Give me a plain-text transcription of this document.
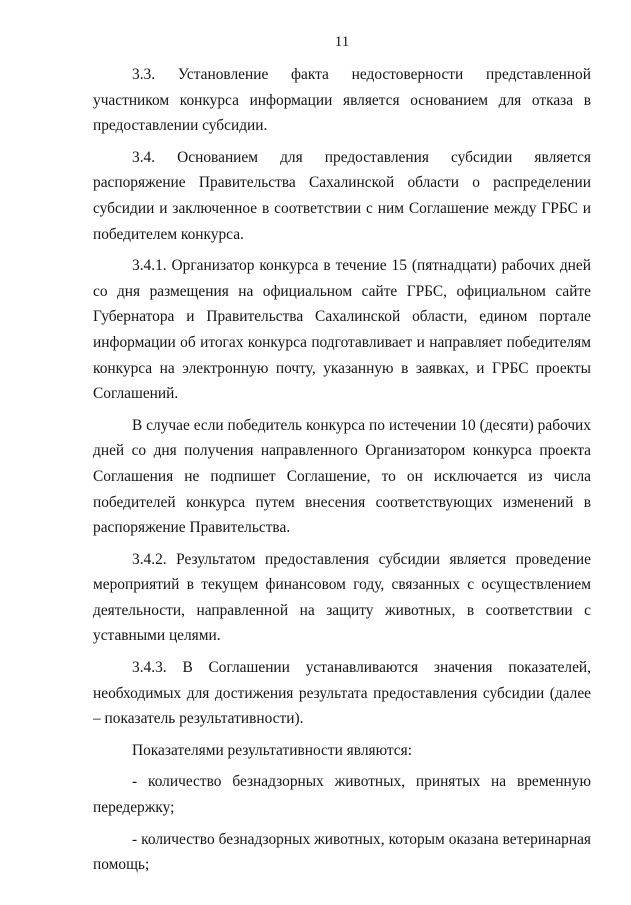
11

3.3. Установление факта недостоверности представленной участником конкурса информации является основанием для отказа в предоставлении субсидии.

3.4. Основанием для предоставления субсидии является распоряжение Правительства Сахалинской области о распределении субсидии и заключенное в соответствии с ним Соглашение между ГРБС и победителем конкурса.

3.4.1. Организатор конкурса в течение 15 (пятнадцати) рабочих дней со дня размещения на официальном сайте ГРБС, официальном сайте Губернатора и Правительства Сахалинской области, едином портале информации об итогах конкурса подготавливает и направляет победителям конкурса на электронную почту, указанную в заявках, и ГРБС проекты Соглашений.

В случае если победитель конкурса по истечении 10 (десяти) рабочих дней со дня получения направленного Организатором конкурса проекта Соглашения не подпишет Соглашение, то он исключается из числа победителей конкурса путем внесения соответствующих изменений в распоряжение Правительства.

3.4.2. Результатом предоставления субсидии является проведение мероприятий в текущем финансовом году, связанных с осуществлением деятельности, направленной на защиту животных, в соответствии с уставными целями.

3.4.3. В Соглашении устанавливаются значения показателей, необходимых для достижения результата предоставления субсидии (далее – показатель результативности).

Показателями результативности являются:

- количество безнадзорных животных, принятых на временную передержку;

- количество безнадзорных животных, которым оказана ветеринарная помощь;
